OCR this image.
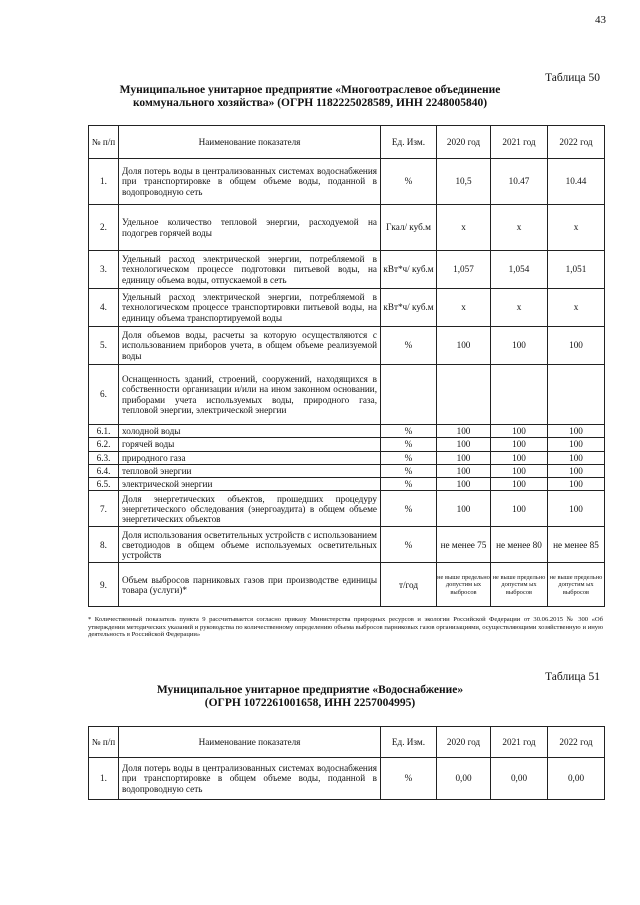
43
Таблица 50
Муниципальное унитарное предприятие «Многоотраслевое объединение
коммунального хозяйства» (ОГРН 1182225028589, ИНН 2248005840)
№ п/п	Наименование показателя	Ед. Изм.	2020 год	2021 год	2022 год
1.	Доля потерь воды в централизованных системах водоснабжения при транспортировке в общем объеме воды, поданной в водопроводную сеть	%	10,5	10.47	10.44
2.	Удельное количество тепловой энергии, расходуемой на подогрев горячей воды	Гкал/ куб.м	x	x	x
3.	Удельный расход электрической энергии, потребляемой в технологическом процессе подготовки питьевой воды, на единицу объема воды, отпускаемой в сеть	кВт*ч/ куб.м	1,057	1,054	1,051
4.	Удельный расход электрической энергии, потребляемой в технологическом процессе транспортировки питьевой воды, на единицу объема транспортируемой воды	кВт*ч/ куб.м	x	x	x
5.	Доля объемов воды, расчеты за которую осуществляются с использованием приборов учета, в общем объеме реализуемой воды	%	100	100	100
6.	Оснащенность зданий, строений, сооружений, находящихся в собственности организации и/или на ином законном основании, приборами учета используемых воды, природного газа, тепловой энергии, электрической энергии				
6.1.	холодной воды	%	100	100	100
6.2.	горячей воды	%	100	100	100
6.3.	природного газа	%	100	100	100
6.4.	тепловой энергии	%	100	100	100
6.5.	электрической энергии	%	100	100	100
7.	Доля энергетических объектов, прошедших процедуру энергетического обследования (энергоаудита) в общем объеме энергетических объектов	%	100	100	100
8.	Доля использования осветительных устройств с использованием светодиодов в общем объеме используемых осветительных устройств	%	не менее 75	не менее 80	не менее 85
9.	Объем выбросов парниковых газов при производстве единицы товара (услуги)*	т/год	не выше предельно допустим ых выбросов	не выше предельно допустим ых выбросов	не выше предельно допустим ых выбросов
* Количественный показатель пункта 9 рассчитывается согласно приказу Министерства природных ресурсов и экологии Российской Федерации от 30.06.2015 № 300 «Об утверждении методических указаний и руководства по количественному определению объема выбросов парниковых газов организациями, осуществляющими хозяйственную и иную деятельность в Российской Федерации»
Таблица 51
Муниципальное унитарное предприятие «Водоснабжение»
(ОГРН 1072261001658, ИНН 2257004995)
№ п/п	Наименование показателя	Ед. Изм.	2020 год	2021 год	2022 год
1.	Доля потерь воды в централизованных системах водоснабжения при транспортировке в общем объеме воды, поданной в водопроводную сеть	%	0,00	0,00	0,00
